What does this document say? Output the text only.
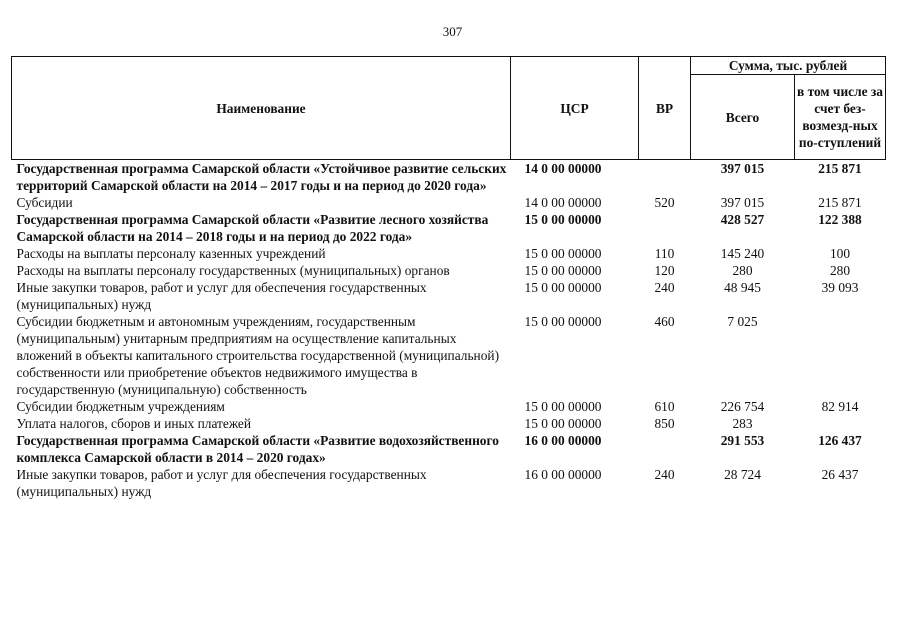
307
Наименование	ЦСР	ВР	Сумма, тыс. рублей	
			Всего	в том числе за счет без-возмезд-ных по-ступлений
Государственная программа Самарской области «Устойчивое развитие сельских территорий Самарской области на 2014 – 2017 годы и на период до 2020 года»	14 0 00 00000		397 015	215 871
Субсидии	14 0 00 00000	520	397 015	215 871
Государственная программа Самарской области «Развитие лесного хозяйства Самарской области на 2014 – 2018 годы и на период до 2022 года»	15 0 00 00000		428 527	122 388
Расходы на выплаты персоналу казенных учреждений	15 0 00 00000	110	145 240	100
Расходы на выплаты персоналу государственных (муниципальных) органов	15 0 00 00000	120	280	280
Иные закупки товаров, работ и услуг для обеспечения государственных (муниципальных) нужд	15 0 00 00000	240	48 945	39 093
Субсидии бюджетным и автономным учреждениям, государственным (муниципальным) унитарным предприятиям на осуществление капитальных вложений в объекты капитального строительства государственной (муниципальной) собственности или приобретение объектов недвижимого имущества в государственную (муниципальную) собственность	15 0 00 00000	460	7 025	
Субсидии бюджетным учреждениям	15 0 00 00000	610	226 754	82 914
Уплата налогов, сборов и иных платежей	15 0 00 00000	850	283	
Государственная программа Самарской области «Развитие водохозяйственного комплекса Самарской области в 2014 – 2020 годах»	16 0 00 00000		291 553	126 437
Иные закупки товаров, работ и услуг для обеспечения государственных (муниципальных) нужд	16 0 00 00000	240	28 724	26 437
